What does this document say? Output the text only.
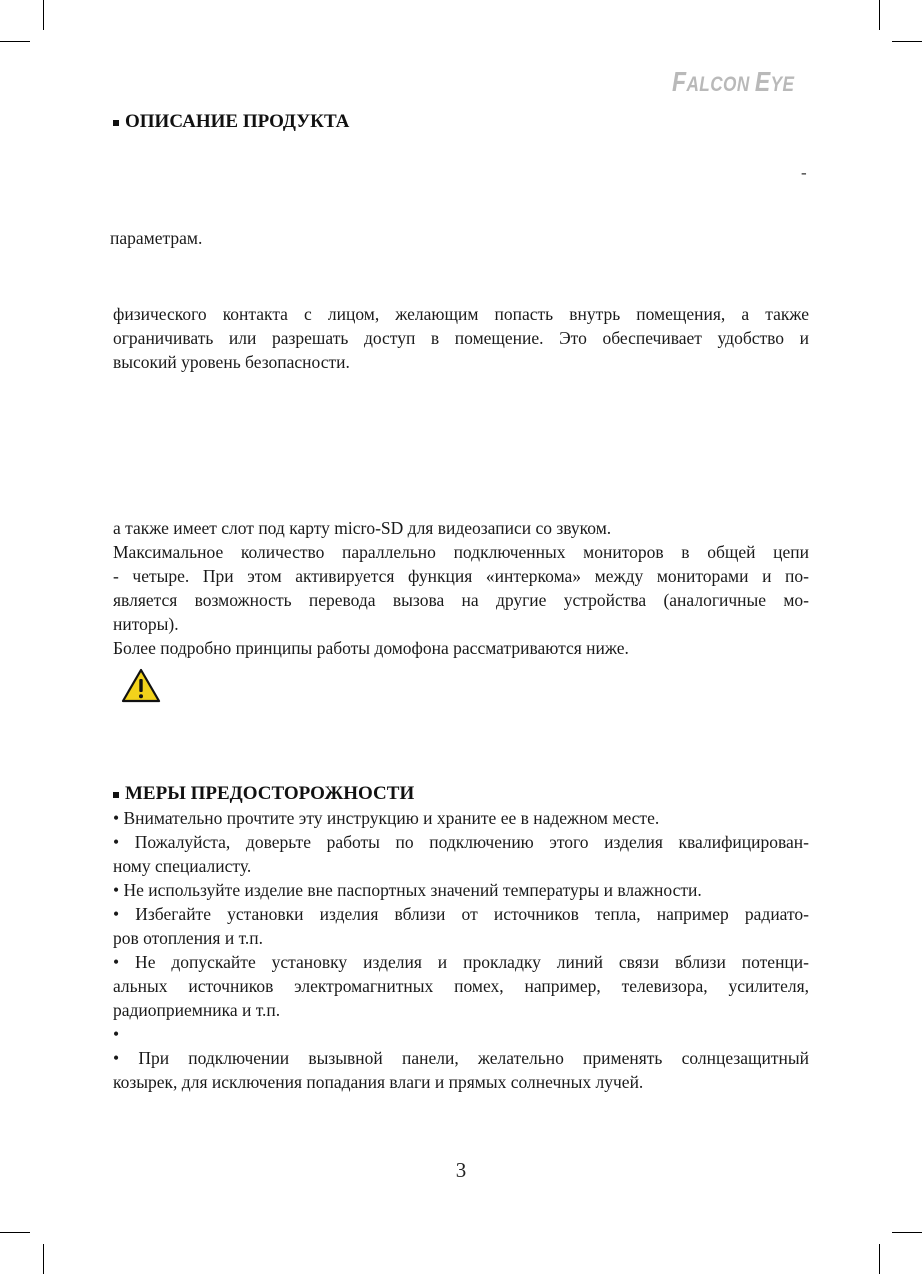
FALCON EYE
ОПИСАНИЕ ПРОДУКТА
-

параметрам.

физического контакта с лицом, желающим попасть внутрь помещения, а также

ограничивать или разрешать доступ в помещение. Это обеспечивает удобство и

высокий уровень безопасности.

а также имеет слот под карту micro-SD для видеозаписи со звуком.

Максимальное количество параллельно подключенных мониторов в общей цепи

- четыре. При этом активируется функция «интеркома» между мониторами и по-

является возможность перевода вызова на другие устройства (аналогичные мо-

ниторы).

Более подробно принципы работы домофона рассматриваются ниже.

МЕРЫ ПРЕДОСТОРОЖНОСТИ

• Внимательно прочтите эту инструкцию и храните ее в надежном месте.

• Пожалуйста, доверьте работы по подключению этого изделия квалифицирован-

ному специалисту.

• Не используйте изделие вне паспортных значений температуры и влажности.

• Избегайте установки изделия вблизи от источников тепла, например радиато-

ров отопления и т.п.

• Не допускайте установку изделия и прокладку линий связи вблизи потенци-

альных источников электромагнитных помех, например, телевизора, усилителя,

радиоприемника и т.п.

•

• При подключении вызывной панели, желательно применять солнцезащитный

козырек, для исключения попадания влаги и прямых солнечных лучей.

3
